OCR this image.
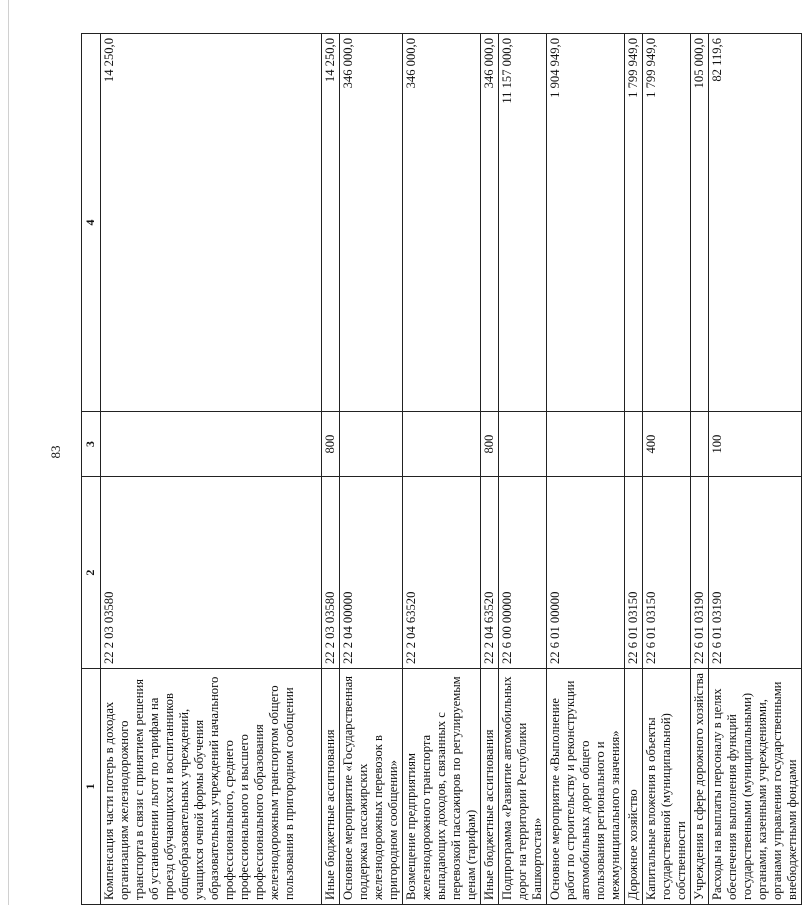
83
1	2	3	4
Компенсация части потерь в доходах организациям железнодорожного транспорта в связи с принятием решения об установлении льгот по тарифам на проезд обучающихся и воспитанников общеобразовательных учреждений, учащихся очной формы обучения образовательных учреждений начального профессионального, среднего профессионального и высшего профессионального образования железнодорожным транспортом общего пользования в пригородном сообщении	22 2 03 03580		14 250,0
Иные бюджетные ассигнования	22 2 03 03580	800	14 250,0
Основное мероприятие «Государственная поддержка пассажирских железнодорожных перевозок в пригородном сообщении»	22 2 04 00000		346 000,0
Возмещение предприятиям железнодорожного транспорта выпадающих доходов, связанных с перевозкой пассажиров по регулируемым ценам (тарифам)	22 2 04 63520		346 000,0
Иные бюджетные ассигнования	22 2 04 63520	800	346 000,0
Подпрограмма «Развитие автомобильных дорог на территории Республики Башкортостан»	22 6 00 00000		11 157 000,0
Основное мероприятие «Выполнение работ по строительству и реконструкции автомобильных дорог общего пользования регионального и межмуниципального значения»	22 6 01 00000		1 904 949,0
Дорожное хозяйство	22 6 01 03150		1 799 949,0
Капитальные вложения в объекты государственной (муниципальной) собственности	22 6 01 03150	400	1 799 949,0
Учреждения в сфере дорожного хозяйства	22 6 01 03190		105 000,0
Расходы на выплаты персоналу в целях обеспечения выполнения функций государственными (муниципальными) органами, казенными учреждениями, органами управления государственными внебюджетными фондами	22 6 01 03190	100	82 119,6
